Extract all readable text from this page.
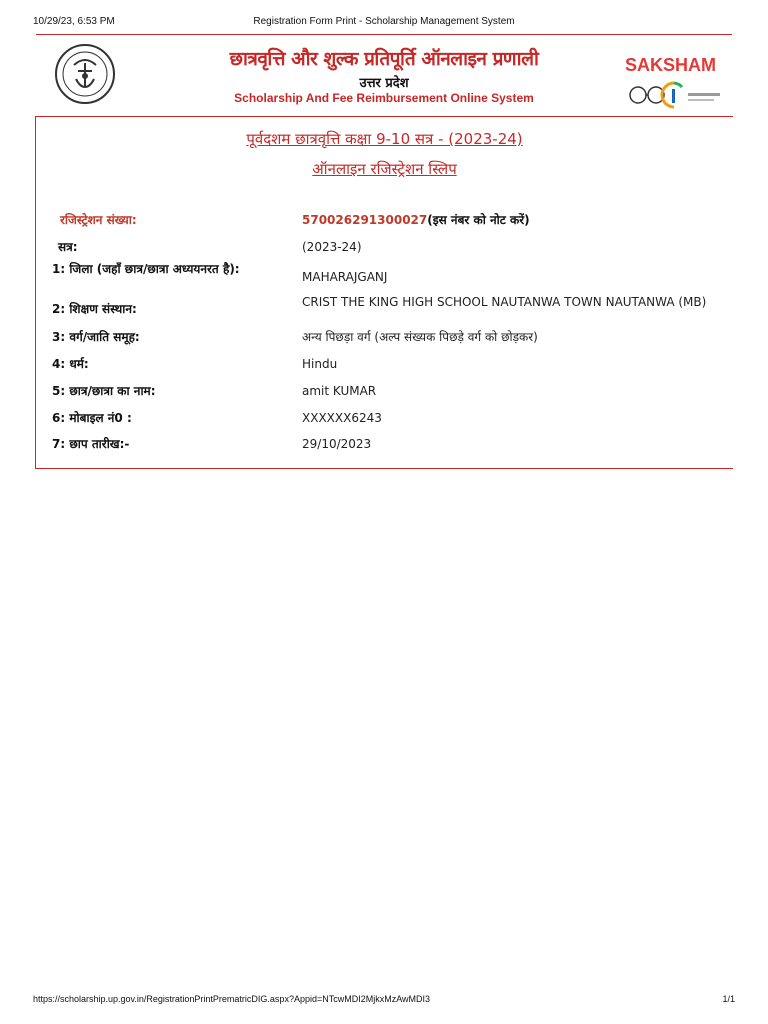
10/29/23, 6:53 PM	Registration Form Print - Scholarship Management System
छात्रवृत्ति और शुल्क प्रतिपूर्ति ऑनलाइन प्रणाली
उत्तर प्रदेश
Scholarship And Fee Reimbursement Online System
SAKSHAM
पूर्वदशम छात्रवृत्ति कक्षा 9-10 सत्र - (2023-24)
ऑनलाइन रजिस्ट्रेशन स्लिप
रजिस्ट्रेशन संख्या:	570026291300027(इस नंबर को नोट करें)
सत्र:	(2023-24)
1: जिला (जहाँ छात्र/छात्रा अध्ययनरत है):
MAHARAJGANJ
2: शिक्षण संस्थान:	CRIST THE KING HIGH SCHOOL NAUTANWA TOWN NAUTANWA (MB)
3: वर्ग/जाति समूह:	अन्य पिछड़ा वर्ग (अल्प संख्यक पिछड़े वर्ग को छोड़कर)
4: धर्म:	Hindu
5: छात्र/छात्रा का नाम:	amit KUMAR
6: मोबाइल नं0 :	XXXXXX6243
7: छाप तारीख:-	29/10/2023
https://scholarship.up.gov.in/RegistrationPrintPrematricDIG.aspx?Appid=NTcwMDI2MjkxMzAwMDI3	1/1
